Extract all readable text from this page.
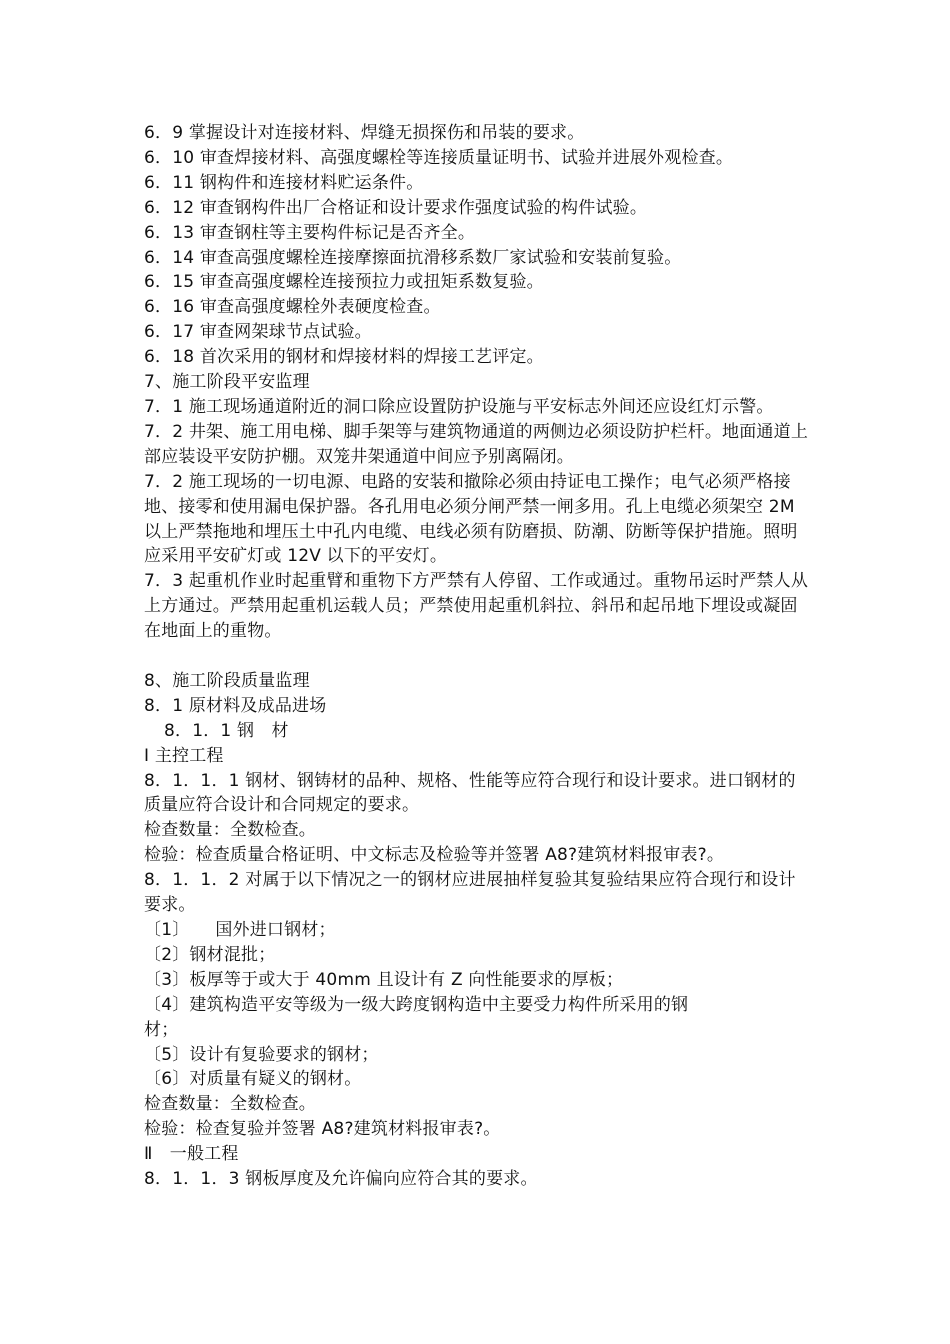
6．9 掌握设计对连接材料、焊缝无损探伤和吊装的要求。
6．10 审查焊接材料、高强度螺栓等连接质量证明书、试验并进展外观检查。
6．11 钢构件和连接材料贮运条件。
6．12 审查钢构件出厂合格证和设计要求作强度试验的构件试验。
6．13 审查钢柱等主要构件标记是否齐全。
6．14 审查高强度螺栓连接摩擦面抗滑移系数厂家试验和安装前复验。
6．15 审查高强度螺栓连接预拉力或扭矩系数复验。
6．16 审查高强度螺栓外表硬度检查。
6．17 审查网架球节点试验。
6．18 首次采用的钢材和焊接材料的焊接工艺评定。
7、施工阶段平安监理
7．1 施工现场通道附近的洞口除应设置防护设施与平安标志外间还应设红灯示警。
7．2 井架、施工用电梯、脚手架等与建筑物通道的两侧边必须设防护栏杆。地面通道上部应装设平安防护棚。双笼井架通道中间应予别离隔闭。
7．2 施工现场的一切电源、电路的安装和撤除必须由持证电工操作；电气必须严格接地、接零和使用漏电保护器。各孔用电必须分闸严禁一闸多用。孔上电缆必须架空 2M 以上严禁拖地和埋压土中孔内电缆、电线必须有防磨损、防潮、防断等保护措施。照明应采用平安矿灯或 12V 以下的平安灯。
7．3 起重机作业时起重臂和重物下方严禁有人停留、工作或通过。重物吊运时严禁人从上方通过。严禁用起重机运载人员；严禁使用起重机斜拉、斜吊和起吊地下埋设或凝固在地面上的重物。
8、施工阶段质量监理
8．1 原材料及成品进场
8．1．1 钢　材
Ⅰ 主控工程
8．1．1．1 钢材、钢铸材的品种、规格、性能等应符合现行和设计要求。进口钢材的质量应符合设计和合同规定的要求。
检查数量：全数检查。
检验：检查质量合格证明、中文标志及检验等并签署 A8?建筑材料报审表?。
8．1．1．2 对属于以下情况之一的钢材应进展抽样复验其复验结果应符合现行和设计要求。
〔1〕　　国外进口钢材；
〔2〕钢材混批；
〔3〕板厚等于或大于 40mm 且设计有 Z 向性能要求的厚板；
〔4〕建筑构造平安等级为一级大跨度钢构造中主要受力构件所采用的钢
材；
〔5〕设计有复验要求的钢材；
〔6〕对质量有疑义的钢材。
检查数量：全数检查。
检验：检查复验并签署 A8?建筑材料报审表?。
Ⅱ　一般工程
8．1．1．3 钢板厚度及允许偏向应符合其的要求。
